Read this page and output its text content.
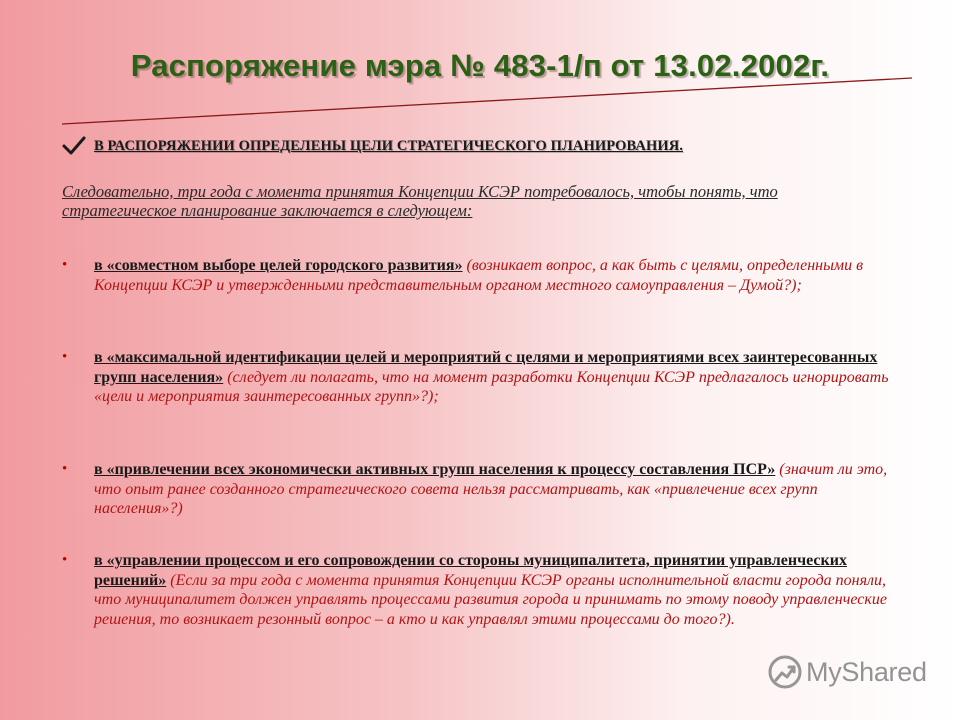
Распоряжение мэра № 483-1/п от 13.02.2002г.
В РАСПОРЯЖЕНИИ ОПРЕДЕЛЕНЫ ЦЕЛИ СТРАТЕГИЧЕСКОГО ПЛАНИРОВАНИЯ.
Следовательно, три года с момента принятия Концепции КСЭР потребовалось, чтобы понять, что стратегическое планирование заключается в следующем:
•	в «совместном выборе целей городского развития» (возникает вопрос, а как быть с целями, определенными в Концепции КСЭР и утвержденными представительным органом местного самоуправления – Думой?);
•	в «максимальной идентификации целей и мероприятий с целями и мероприятиями всех заинтересованных групп населения» (следует ли полагать, что на момент разработки Концепции КСЭР предлагалось игнорировать «цели и мероприятия заинтересованных групп»?);
•	в «привлечении всех экономически активных групп населения к процессу составления ПСР» (значит ли это, что опыт ранее созданного стратегического совета нельзя рассматривать, как «привлечение всех групп населения»?)
•	в «управлении процессом и его сопровождении со стороны муниципалитета, принятии управленческих решений» (Если за три года с момента принятия Концепции КСЭР органы исполнительной власти города поняли, что муниципалитет должен управлять процессами развития города и принимать по этому поводу управленческие решения, то возникает резонный вопрос – а кто и как управлял этими процессами до того?).
MyShared
